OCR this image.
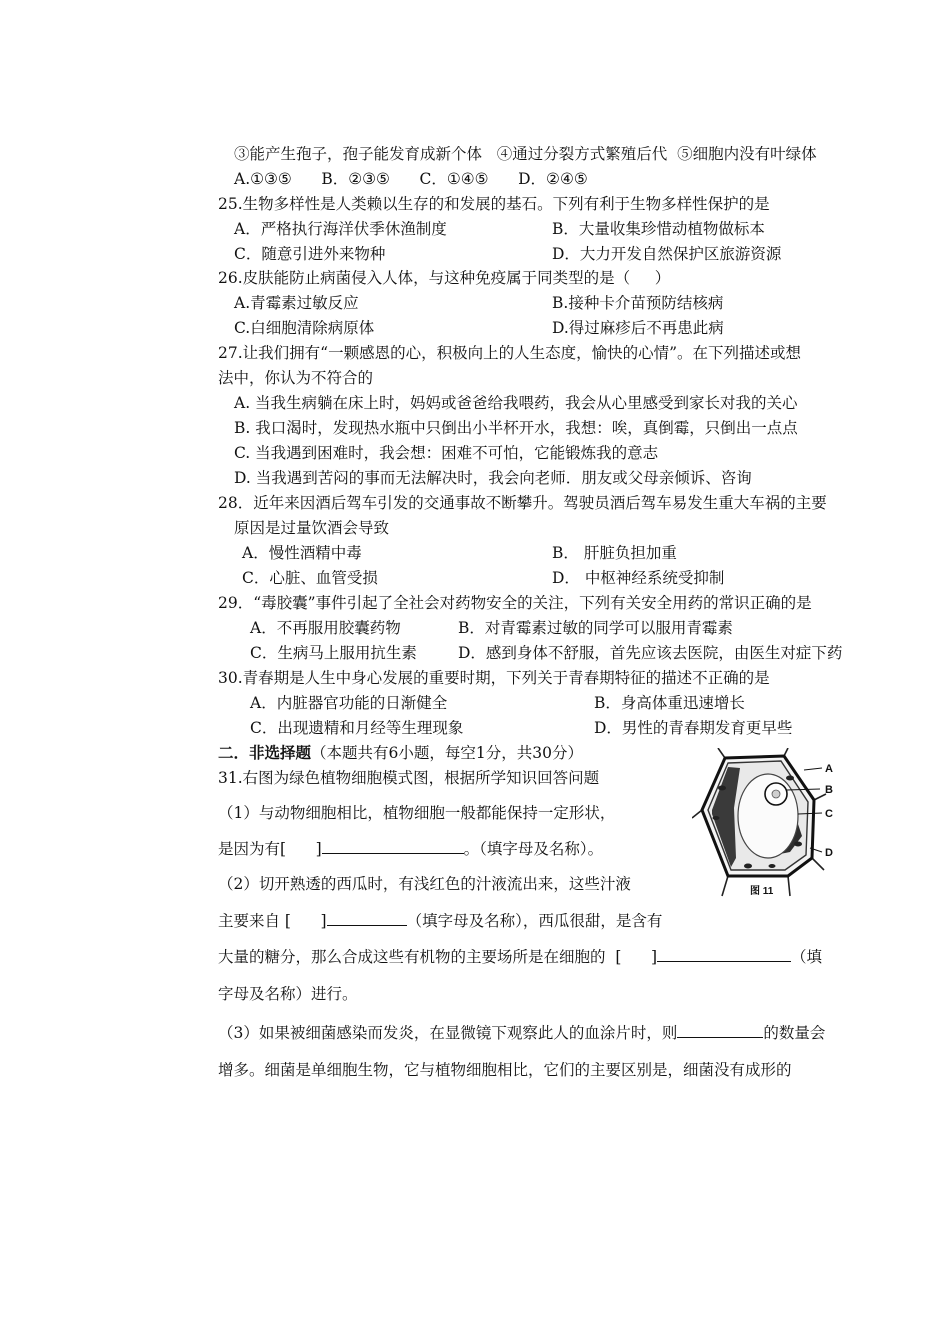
③能产生孢子，孢子能发育成新个体   ④通过分裂方式繁殖后代  ⑤细胞内没有叶绿体
A.①③⑤      B．②③⑤      C．①④⑤      D．②④⑤
25.生物多样性是人类赖以生存的和发展的基石。下列有利于生物多样性保护的是
A．严格执行海洋伏季休渔制度	B．大量收集珍惜动植物做标本
C．随意引进外来物种	D．大力开发自然保护区旅游资源
26.皮肤能防止病菌侵入人体，与这种免疫属于同类型的是（     ）
A.青霉素过敏反应	B.接种卡介苗预防结核病
C.白细胞清除病原体	D.得过麻疹后不再患此病
27.让我们拥有“一颗感恩的心，积极向上的人生态度，愉快的心情”。在下列描述或想
法中，你认为不符合的
A. 当我生病躺在床上时，妈妈或爸爸给我喂药，我会从心里感受到家长对我的关心
B. 我口渴时，发现热水瓶中只倒出小半杯开水，我想：唉，真倒霉，只倒出一点点
C. 当我遇到困难时，我会想：困难不可怕，它能锻炼我的意志
D. 当我遇到苦闷的事而无法解决时，我会向老师．朋友或父母亲倾诉、咨询
28．近年来因酒后驾车引发的交通事故不断攀升。驾驶员酒后驾车易发生重大车祸的主要
原因是过量饮酒会导致
A．慢性酒精中毒	B． 肝脏负担加重
C．心脏、血管受损	D． 中枢神经系统受抑制
29．“毒胶囊”事件引起了全社会对药物安全的关注，下列有关安全用药的常识正确的是
A．不再服用胶囊药物	B．对青霉素过敏的同学可以服用青霉素
C．生病马上服用抗生素	D．感到身体不舒服，首先应该去医院，由医生对症下药
30.青春期是人生中身心发展的重要时期，下列关于青春期特征的描述不正确的是
A．内脏器官功能的日渐健全	B．身高体重迅速增长
C．出现遗精和月经等生理现象	D．男性的青春期发育更早些
二．非选择题（本题共有6小题，每空1分，共30分）
31.右图为绿色植物细胞模式图，根据所学知识回答问题
（1）与动物细胞相比，植物细胞一般都能保持一定形状，
是因为有[      ]	。（填字母及名称）。
（2）切开熟透的西瓜时，有浅红色的汁液流出来，这些汁液
主要来自 [      ]	（填字母及名称），西瓜很甜，是含有
大量的糖分，那么合成这些有机物的主要场所是在细胞的  [      ]	（填
字母及名称）进行。
（3）如果被细菌感染而发炎，在显微镜下观察此人的血涂片时，则	的数量会
增多。细菌是单细胞生物，它与植物细胞相比，它们的主要区别是，细菌没有成形的
A
B
C
D
图 11
